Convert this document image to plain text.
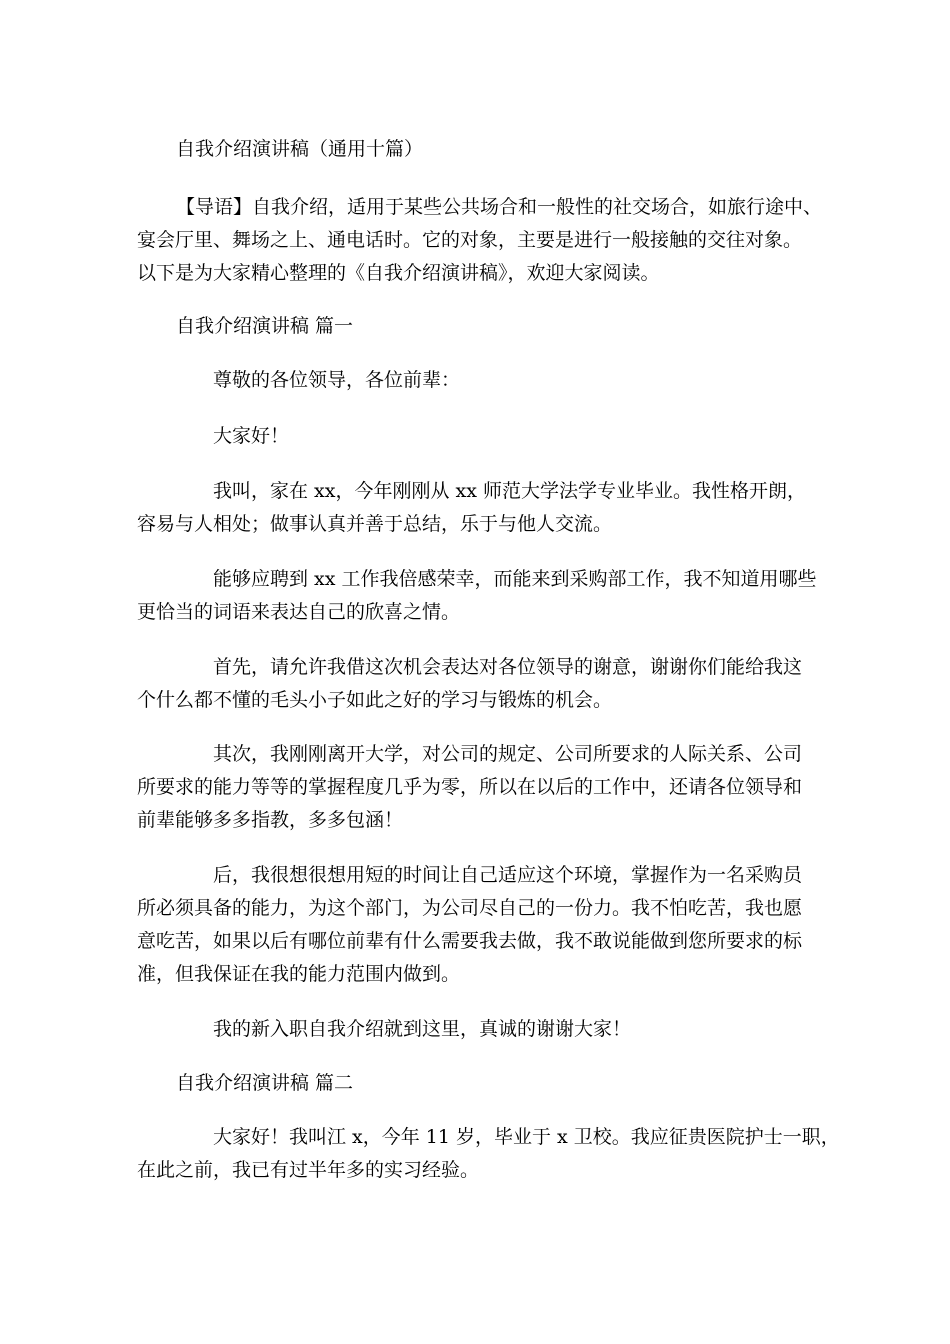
自我介绍演讲稿（通用十篇）
【导语】自我介绍，适用于某些公共场合和一般性的社交场合，如旅行途中、
宴会厅里、舞场之上、通电话时。它的对象，主要是进行一般接触的交往对象。
以下是为大家精心整理的《自我介绍演讲稿》，欢迎大家阅读。
自我介绍演讲稿 篇一
尊敬的各位领导，各位前辈：
大家好！
我叫，家在 xx，今年刚刚从 xx 师范大学法学专业毕业。我性格开朗，
容易与人相处；做事认真并善于总结，乐于与他人交流。
能够应聘到 xx 工作我倍感荣幸，而能来到采购部工作，我不知道用哪些
更恰当的词语来表达自己的欣喜之情。
首先，请允许我借这次机会表达对各位领导的谢意，谢谢你们能给我这
个什么都不懂的毛头小子如此之好的学习与锻炼的机会。
其次，我刚刚离开大学，对公司的规定、公司所要求的人际关系、公司
所要求的能力等等的掌握程度几乎为零，所以在以后的工作中，还请各位领导和
前辈能够多多指教，多多包涵！
后，我很想很想用短的时间让自己适应这个环境，掌握作为一名采购员
所必须具备的能力，为这个部门，为公司尽自己的一份力。我不怕吃苦，我也愿
意吃苦，如果以后有哪位前辈有什么需要我去做，我不敢说能做到您所要求的标
准，但我保证在我的能力范围内做到。
我的新入职自我介绍就到这里，真诚的谢谢大家！
自我介绍演讲稿 篇二
大家好！我叫江 x，今年 11 岁，毕业于 x 卫校。我应征贵医院护士一职，
在此之前，我已有过半年多的实习经验。
